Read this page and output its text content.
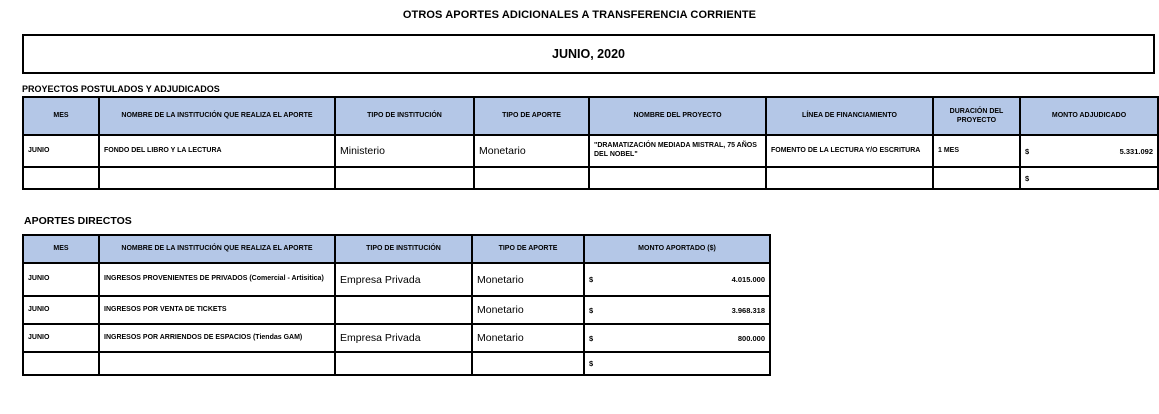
OTROS APORTES ADICIONALES A TRANSFERENCIA CORRIENTE
JUNIO, 2020
PROYECTOS POSTULADOS Y ADJUDICADOS
MES	NOMBRE DE LA INSTITUCIÓN QUE REALIZA EL APORTE	TIPO DE INSTITUCIÓN	TIPO DE APORTE	NOMBRE DEL PROYECTO	LÍNEA DE FINANCIAMIENTO	DURACIÓN DEL PROYECTO	MONTO ADJUDICADO
JUNIO	FONDO DEL LIBRO Y LA LECTURA	Ministerio	Monetario	"DRAMATIZACIÓN MEDIADA MISTRAL, 75 AÑOS DEL NOBEL"	FOMENTO DE LA LECTURA Y/O ESCRITURA	1 MES	$ 5.331.092

							$
APORTES DIRECTOS
MES	NOMBRE DE LA INSTITUCIÓN QUE REALIZA EL APORTE	TIPO DE INSTITUCIÓN	TIPO DE APORTE	MONTO APORTADO ($)
JUNIO	INGRESOS PROVENIENTES DE PRIVADOS (Comercial - Artisitica)	Empresa Privada	Monetario	$ 4.015.000

JUNIO	INGRESOS POR VENTA DE TICKETS		Monetario	$ 3.968.318

JUNIO	INGRESOS POR ARRIENDOS DE ESPACIOS (Tiendas GAM)	Empresa Privada	Monetario	$ 800.000

				$
